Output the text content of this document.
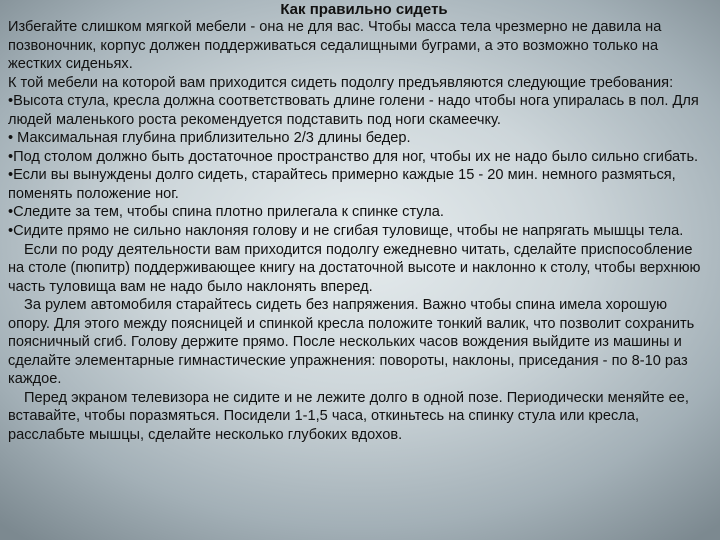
Как правильно сидеть

Избегайте слишком мягкой мебели - она не для вас. Чтобы масса тела чрезмерно не давила на позвоночник, корпус должен поддерживаться седалищными буграми, а это возможно только на жестких сиденьях.

К той мебели на которой вам приходится сидеть подолгу предъявляются следующие требования:

•Высота стула, кресла должна соответствовать длине голени - надо чтобы нога упиралась в пол. Для людей маленького роста рекомендуется подставить под ноги скамеечку.

• Максимальная глубина приблизительно 2/3 длины бедер.

•Под столом должно быть достаточное пространство для ног, чтобы их не надо было сильно сгибать.

•Если вы вынуждены долго сидеть, старайтесь примерно каждые 15 - 20 мин. немного размяться, поменять положение ног.

•Следите за тем, чтобы спина плотно прилегала к спинке стула.

•Сидите прямо не сильно наклоняя голову и не сгибая туловище, чтобы не напрягать мышцы тела.

Если по роду деятельности вам приходится подолгу ежедневно читать, сделайте приспособление на столе (пюпитр) поддерживающее книгу на достаточной высоте и наклонно к столу, чтобы верхнюю часть туловища вам не надо было наклонять вперед.

За рулем автомобиля старайтесь сидеть без напряжения. Важно чтобы спина имела хорошую опору. Для этого между поясницей и спинкой кресла положите тонкий валик, что позволит сохранить поясничный сгиб. Голову держите прямо. После нескольких часов вождения выйдите из машины и сделайте элементарные гимнастические упражнения: повороты, наклоны, приседания - по 8-10 раз каждое.

Перед экраном телевизора не сидите и не лежите долго в одной позе. Периодически меняйте ее, вставайте, чтобы поразмяться. Посидели 1-1,5 часа, откиньтесь на спинку стула или кресла, расслабьте мышцы, сделайте несколько глубоких вдохов.
